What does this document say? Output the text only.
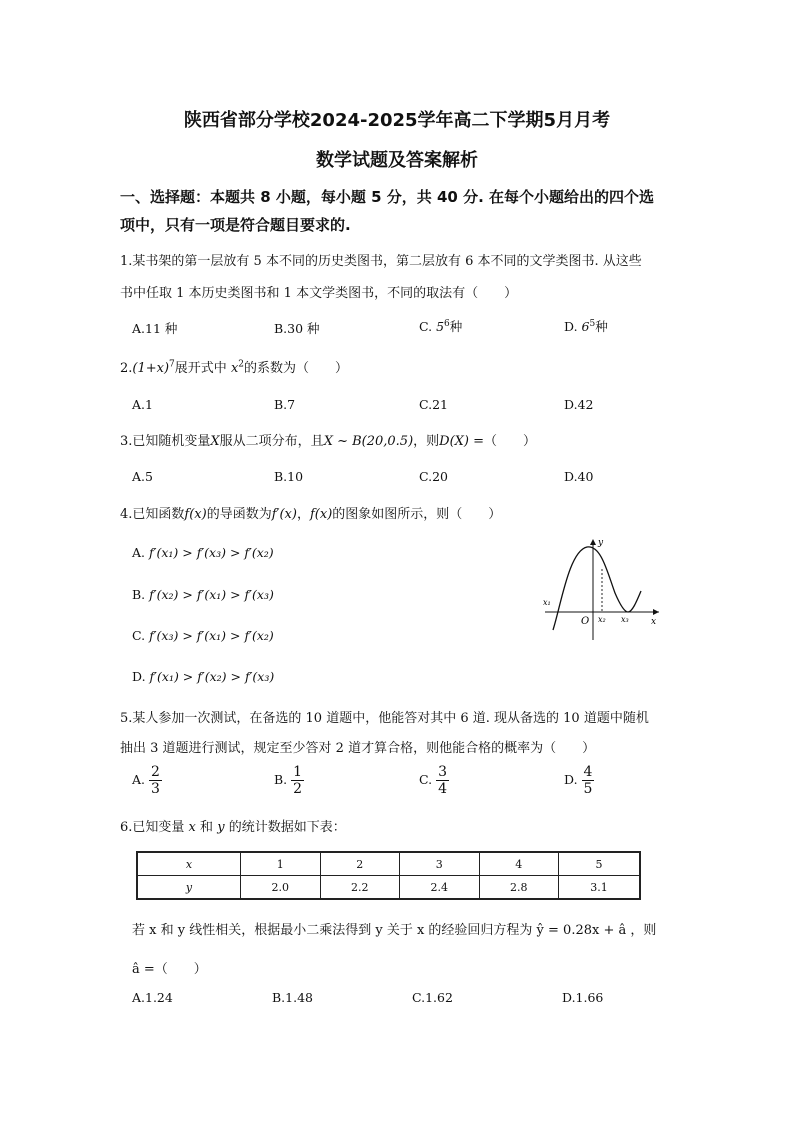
陕西省部分学校2024-2025学年高二下学期5月月考
数学试题及答案解析
一、选择题：本题共 8 小题，每小题 5 分，共 40 分. 在每个小题给出的四个选
项中，只有一项是符合题目要求的.
1.某书架的第一层放有 5 本不同的历史类图书，第二层放有 6 本不同的文学类图书. 从这些
书中任取 1 本历史类图书和 1 本文学类图书，不同的取法有（　　）
A.11 种	B.30 种	C. $5^6$种	D. $6^5$种
$2.(1+x)^7$展开式中 $x^2$的系数为（　　）
A.1	B.7	C.21	D.42
3.已知随机变量X服从二项分布，且X ~ B(20,0.5)，则D(X) =（　　）
A.5	B.10	C.20	D.40
4.已知函数f(x)的导函数为f′(x)，f(x)的图象如图所示，则（　　）
A. f′(x₁) > f′(x₃) > f′(x₂)
B. f′(x₂) > f′(x₁) > f′(x₃)
C. f′(x₃) > f′(x₁) > f′(x₂)
D. f′(x₁) > f′(x₂) > f′(x₃)
y
x
O
x₁
x₂ x₃
5.某人参加一次测试，在备选的 10 道题中，他能答对其中 6 道. 现从备选的 10 道题中随机
抽出 3 道题进行测试，规定至少答对 2 道才算合格，则他能合格的概率为（　　）
A. $\frac{2}{3}$	B. $\frac{1}{2}$	C. $\frac{3}{4}$	D. $\frac{4}{5}$
6.已知变量 x 和 y 的统计数据如下表：
x	1	2	3	4	5
y	2.0	2.2	2.4	2.8	3.1
若 x 和 y 线性相关，根据最小二乘法得到 y 关于 x 的经验回归方程为 ŷ = 0.28x + â ，则
â =（　　）
A.1.24	B.1.48	C.1.62	D.1.66
